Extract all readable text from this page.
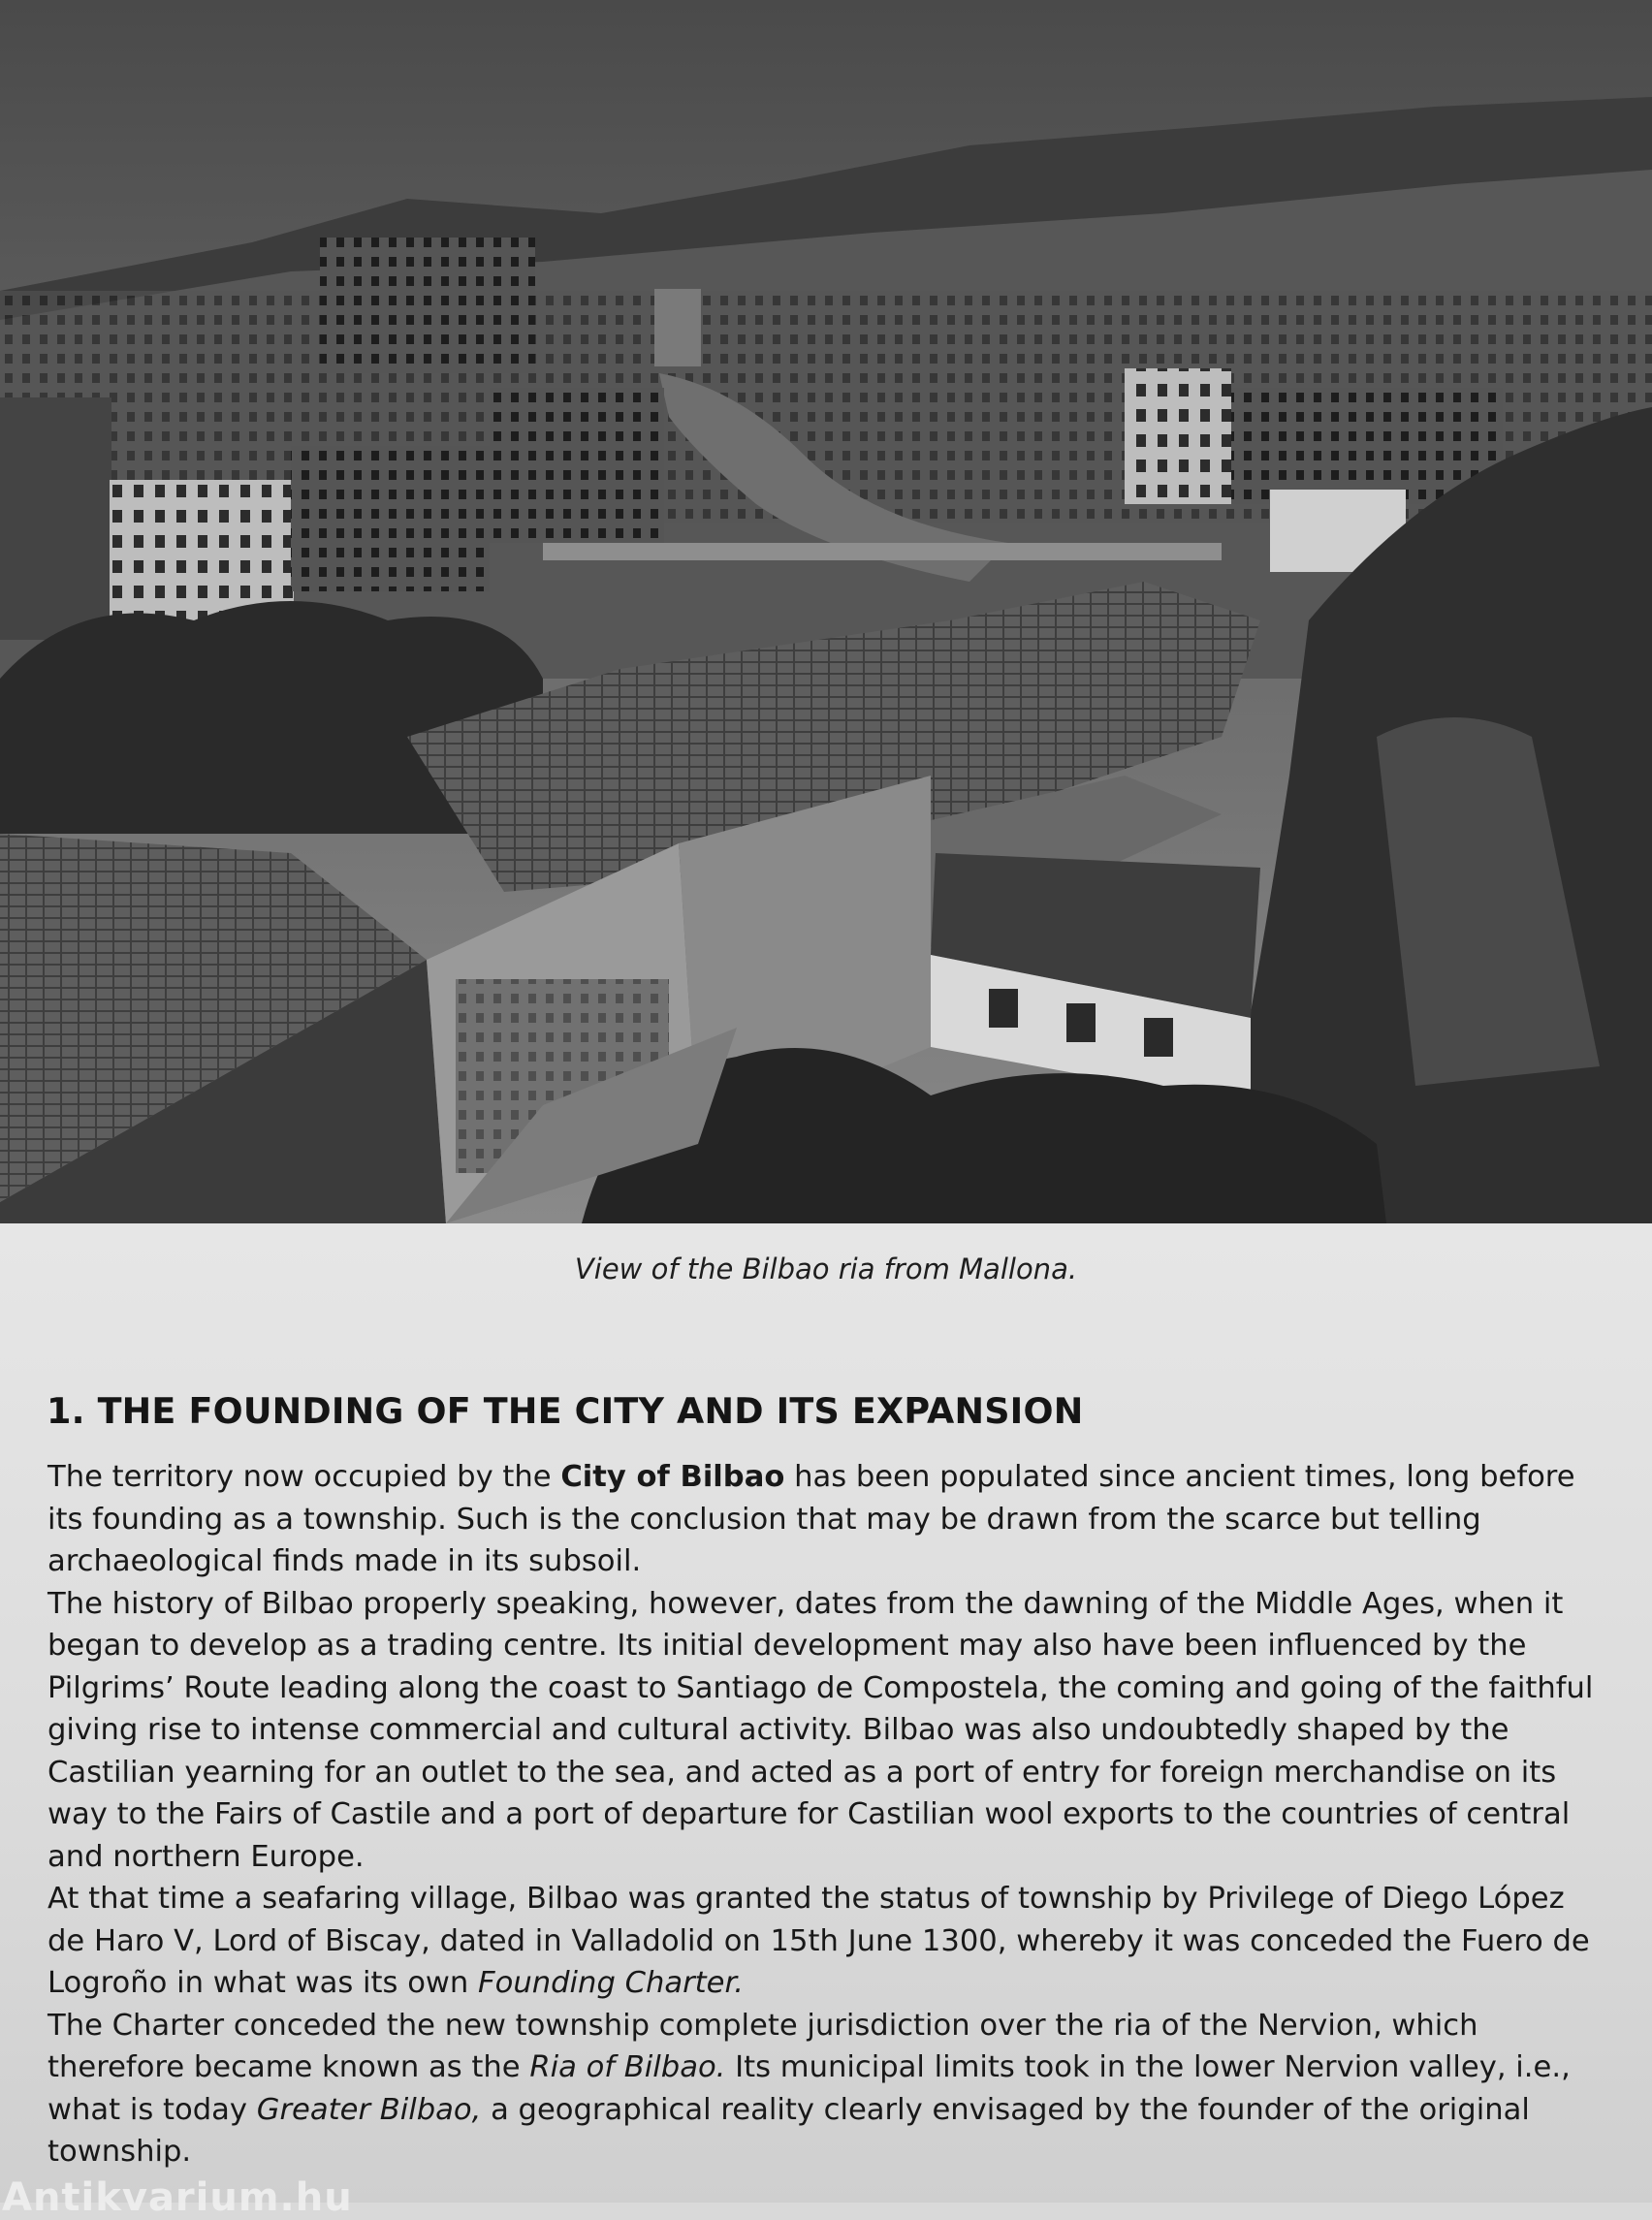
View of the Bilbao ria from Mallona.
1. THE FOUNDING OF THE CITY AND ITS EXPANSION

The territory now occupied by the City of Bilbao has been populated since ancient times, long before its founding as a township. Such is the conclusion that may be drawn from the scarce but telling archaeological finds made in its subsoil.

The history of Bilbao properly speaking, however, dates from the dawning of the Middle Ages, when it began to develop as a trading centre. Its initial development may also have been influenced by the Pilgrims’ Route leading along the coast to Santiago de Compostela, the coming and going of the faithful giving rise to intense commercial and cultural activity. Bilbao was also undoubtedly shaped by the Castilian yearning for an outlet to the sea, and acted as a port of entry for foreign merchandise on its way to the Fairs of Castile and a port of departure for Castilian wool exports to the countries of central and northern Europe.

At that time a seafaring village, Bilbao was granted the status of township by Privilege of Diego López de Haro V, Lord of Biscay, dated in Valladolid on 15th June 1300, whereby it was conceded the Fuero de Logroño in what was its own Founding Charter.

The Charter conceded the new township complete jurisdiction over the ria of the Nervion, which therefore became known as the Ria of Bilbao. Its municipal limits took in the lower Nervion valley, i.e., what is today Greater Bilbao, a geographical reality clearly envisaged by the founder of the original township.

Antikvarium.hu
